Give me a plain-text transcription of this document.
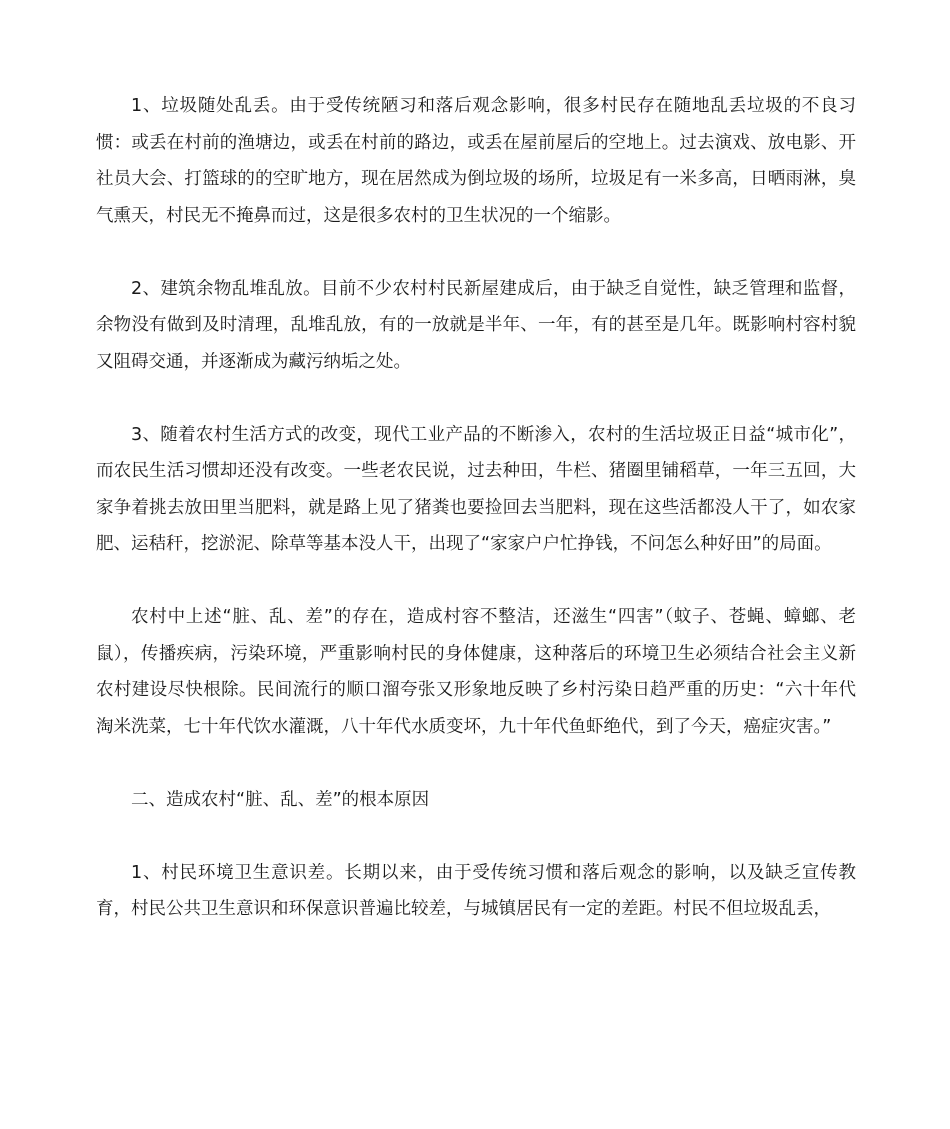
1、垃圾随处乱丢。由于受传统陋习和落后观念影响，很多村民存在随地乱丢垃圾的不良习惯：或丢在村前的渔塘边，或丢在村前的路边，或丢在屋前屋后的空地上。过去演戏、放电影、开社员大会、打篮球的的空旷地方，现在居然成为倒垃圾的场所，垃圾足有一米多高，日晒雨淋，臭气熏天，村民无不掩鼻而过，这是很多农村的卫生状况的一个缩影。

2、建筑余物乱堆乱放。目前不少农村村民新屋建成后，由于缺乏自觉性，缺乏管理和监督，余物没有做到及时清理，乱堆乱放，有的一放就是半年、一年，有的甚至是几年。既影响村容村貌又阻碍交通，并逐渐成为藏污纳垢之处。

3、随着农村生活方式的改变，现代工业产品的不断渗入，农村的生活垃圾正日益“城市化”，而农民生活习惯却还没有改变。一些老农民说，过去种田，牛栏、猪圈里铺稻草，一年三五回，大家争着挑去放田里当肥料，就是路上见了猪粪也要捡回去当肥料，现在这些活都没人干了，如农家肥、运秸秆，挖淤泥、除草等基本没人干，出现了“家家户户忙挣钱，不问怎么种好田”的局面。

农村中上述“脏、乱、差”的存在，造成村容不整洁，还滋生“四害”（蚊子、苍蝇、蟑螂、老鼠），传播疾病，污染环境，严重影响村民的身体健康，这种落后的环境卫生必须结合社会主义新农村建设尽快根除。民间流行的顺口溜夸张又形象地反映了乡村污染日趋严重的历史：“六十年代淘米洗菜，七十年代饮水灌溉，八十年代水质变坏，九十年代鱼虾绝代，到了今天，癌症灾害。”

二、造成农村“脏、乱、差”的根本原因

1、村民环境卫生意识差。长期以来，由于受传统习惯和落后观念的影响，以及缺乏宣传教育，村民公共卫生意识和环保意识普遍比较差，与城镇居民有一定的差距。村民不但垃圾乱丢，
